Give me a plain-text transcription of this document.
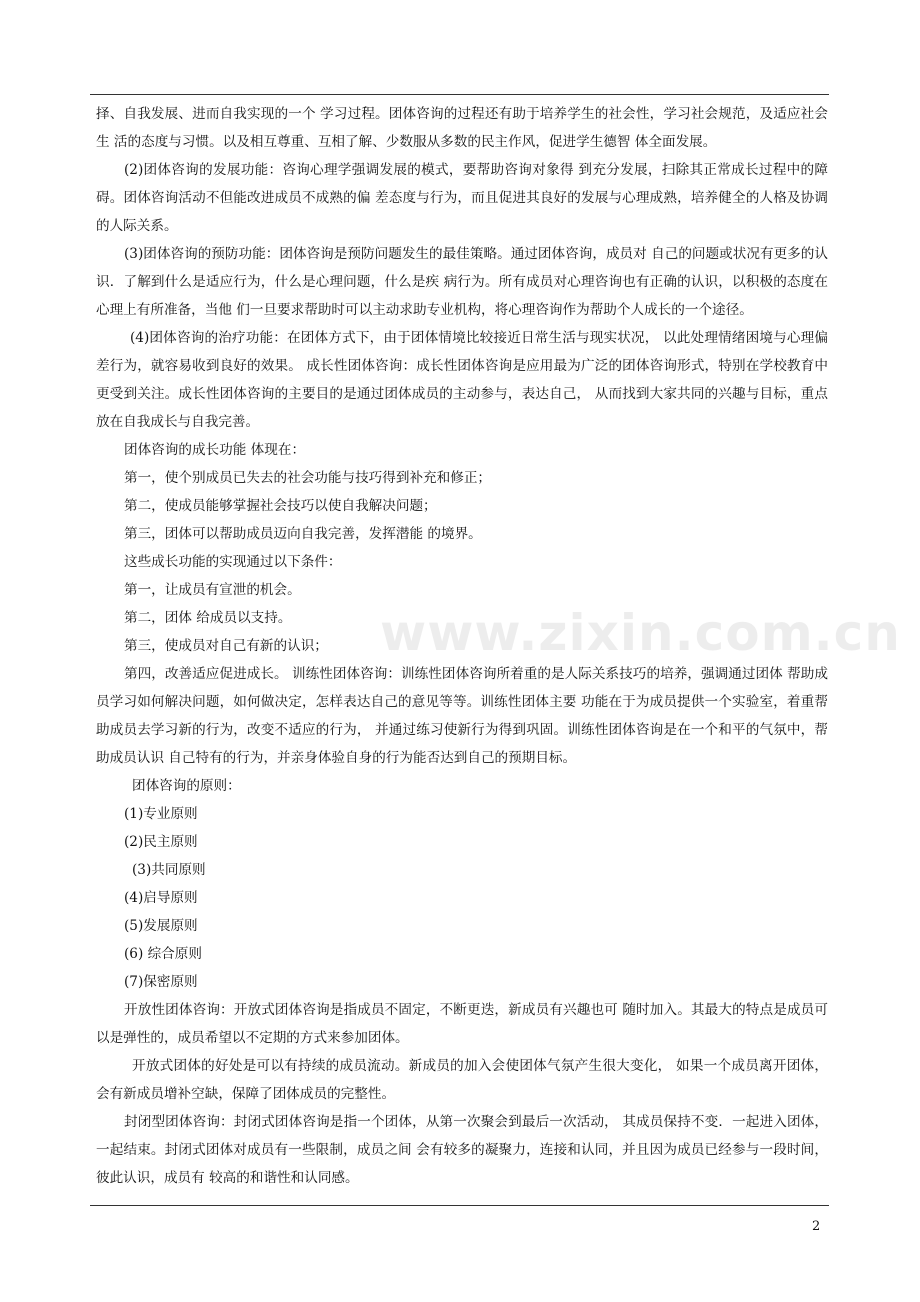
择、自我发展、进而自我实现的一个 学习过程。团体咨询的过程还有助于培养学生的社会性，学习社会规范，及适应社会生 活的态度与习惯。以及相互尊重、互相了解、少数服从多数的民主作风，促进学生德智 体全面发展。

(2)团体咨询的发展功能：咨询心理学强调发展的模式，要帮助咨询对象得 到充分发展，扫除其正常成长过程中的障碍。团体咨询活动不但能改进成员不成熟的偏 差态度与行为，而且促进其良好的发展与心理成熟，培养健全的人格及协调的人际关系。

(3)团体咨询的预防功能：团体咨询是预防问题发生的最佳策略。通过团体咨询，成员对 自己的问题或状况有更多的认识．了解到什么是适应行为，什么是心理问题，什么是疾 病行为。所有成员对心理咨询也有正确的认识，以积极的态度在心理上有所准备，当他 们一旦要求帮助时可以主动求助专业机构，将心理咨询作为帮助个人成长的一个途径。

(4)团体咨询的治疗功能：在团体方式下，由于团体情境比较接近日常生活与现实状况， 以此处理情绪困境与心理偏差行为，就容易收到良好的效果。 成长性团体咨询：成长性团体咨询是应用最为广泛的团体咨询形式，特别在学校教育中更受到关注。成长性团体咨询的主要目的是通过团体成员的主动参与，表达自己， 从而找到大家共同的兴趣与目标，重点放在自我成长与自我完善。

团体咨询的成长功能 体现在：

第一，使个别成员已失去的社会功能与技巧得到补充和修正；

第二，使成员能够掌握社会技巧以使自我解决问题；

第三，团体可以帮助成员迈向自我完善，发挥潜能 的境界。

这些成长功能的实现通过以下条件：

第一，让成员有宣泄的机会。

第二，团体 给成员以支持。

第三，使成员对自己有新的认识；

第四，改善适应促进成长。 训练性团体咨询：训练性团体咨询所着重的是人际关系技巧的培养，强调通过团体 帮助成员学习如何解决问题，如何做决定，怎样表达自己的意见等等。训练性团体主要 功能在于为成员提供一个实验室，着重帮助成员去学习新的行为，改变不适应的行为， 并通过练习使新行为得到巩固。训练性团体咨询是在一个和平的气氛中，帮助成员认识 自己特有的行为，并亲身体验自身的行为能否达到自己的预期目标。

团体咨询的原则：

(1)专业原则

(2)民主原则

(3)共同原则

(4)启导原则

(5)发展原则

(6) 综合原则

(7)保密原则

开放性团体咨询：开放式团体咨询是指成员不固定，不断更迭，新成员有兴趣也可 随时加入。其最大的特点是成员可以是弹性的，成员希望以不定期的方式来参加团体。

开放式团体的好处是可以有持续的成员流动。新成员的加入会使团体气氛产生很大变化， 如果一个成员离开团体，会有新成员增补空缺，保障了团体成员的完整性。

封闭型团体咨询：封闭式团体咨询是指一个团体，从第一次聚会到最后一次活动， 其成员保持不变．一起进入团体，一起结束。封闭式团体对成员有一些限制，成员之间 会有较多的凝聚力，连接和认同，并且因为成员已经参与一段时间，彼此认识，成员有 较高的和谐性和认同感。

www.zixin.com.cn
2
